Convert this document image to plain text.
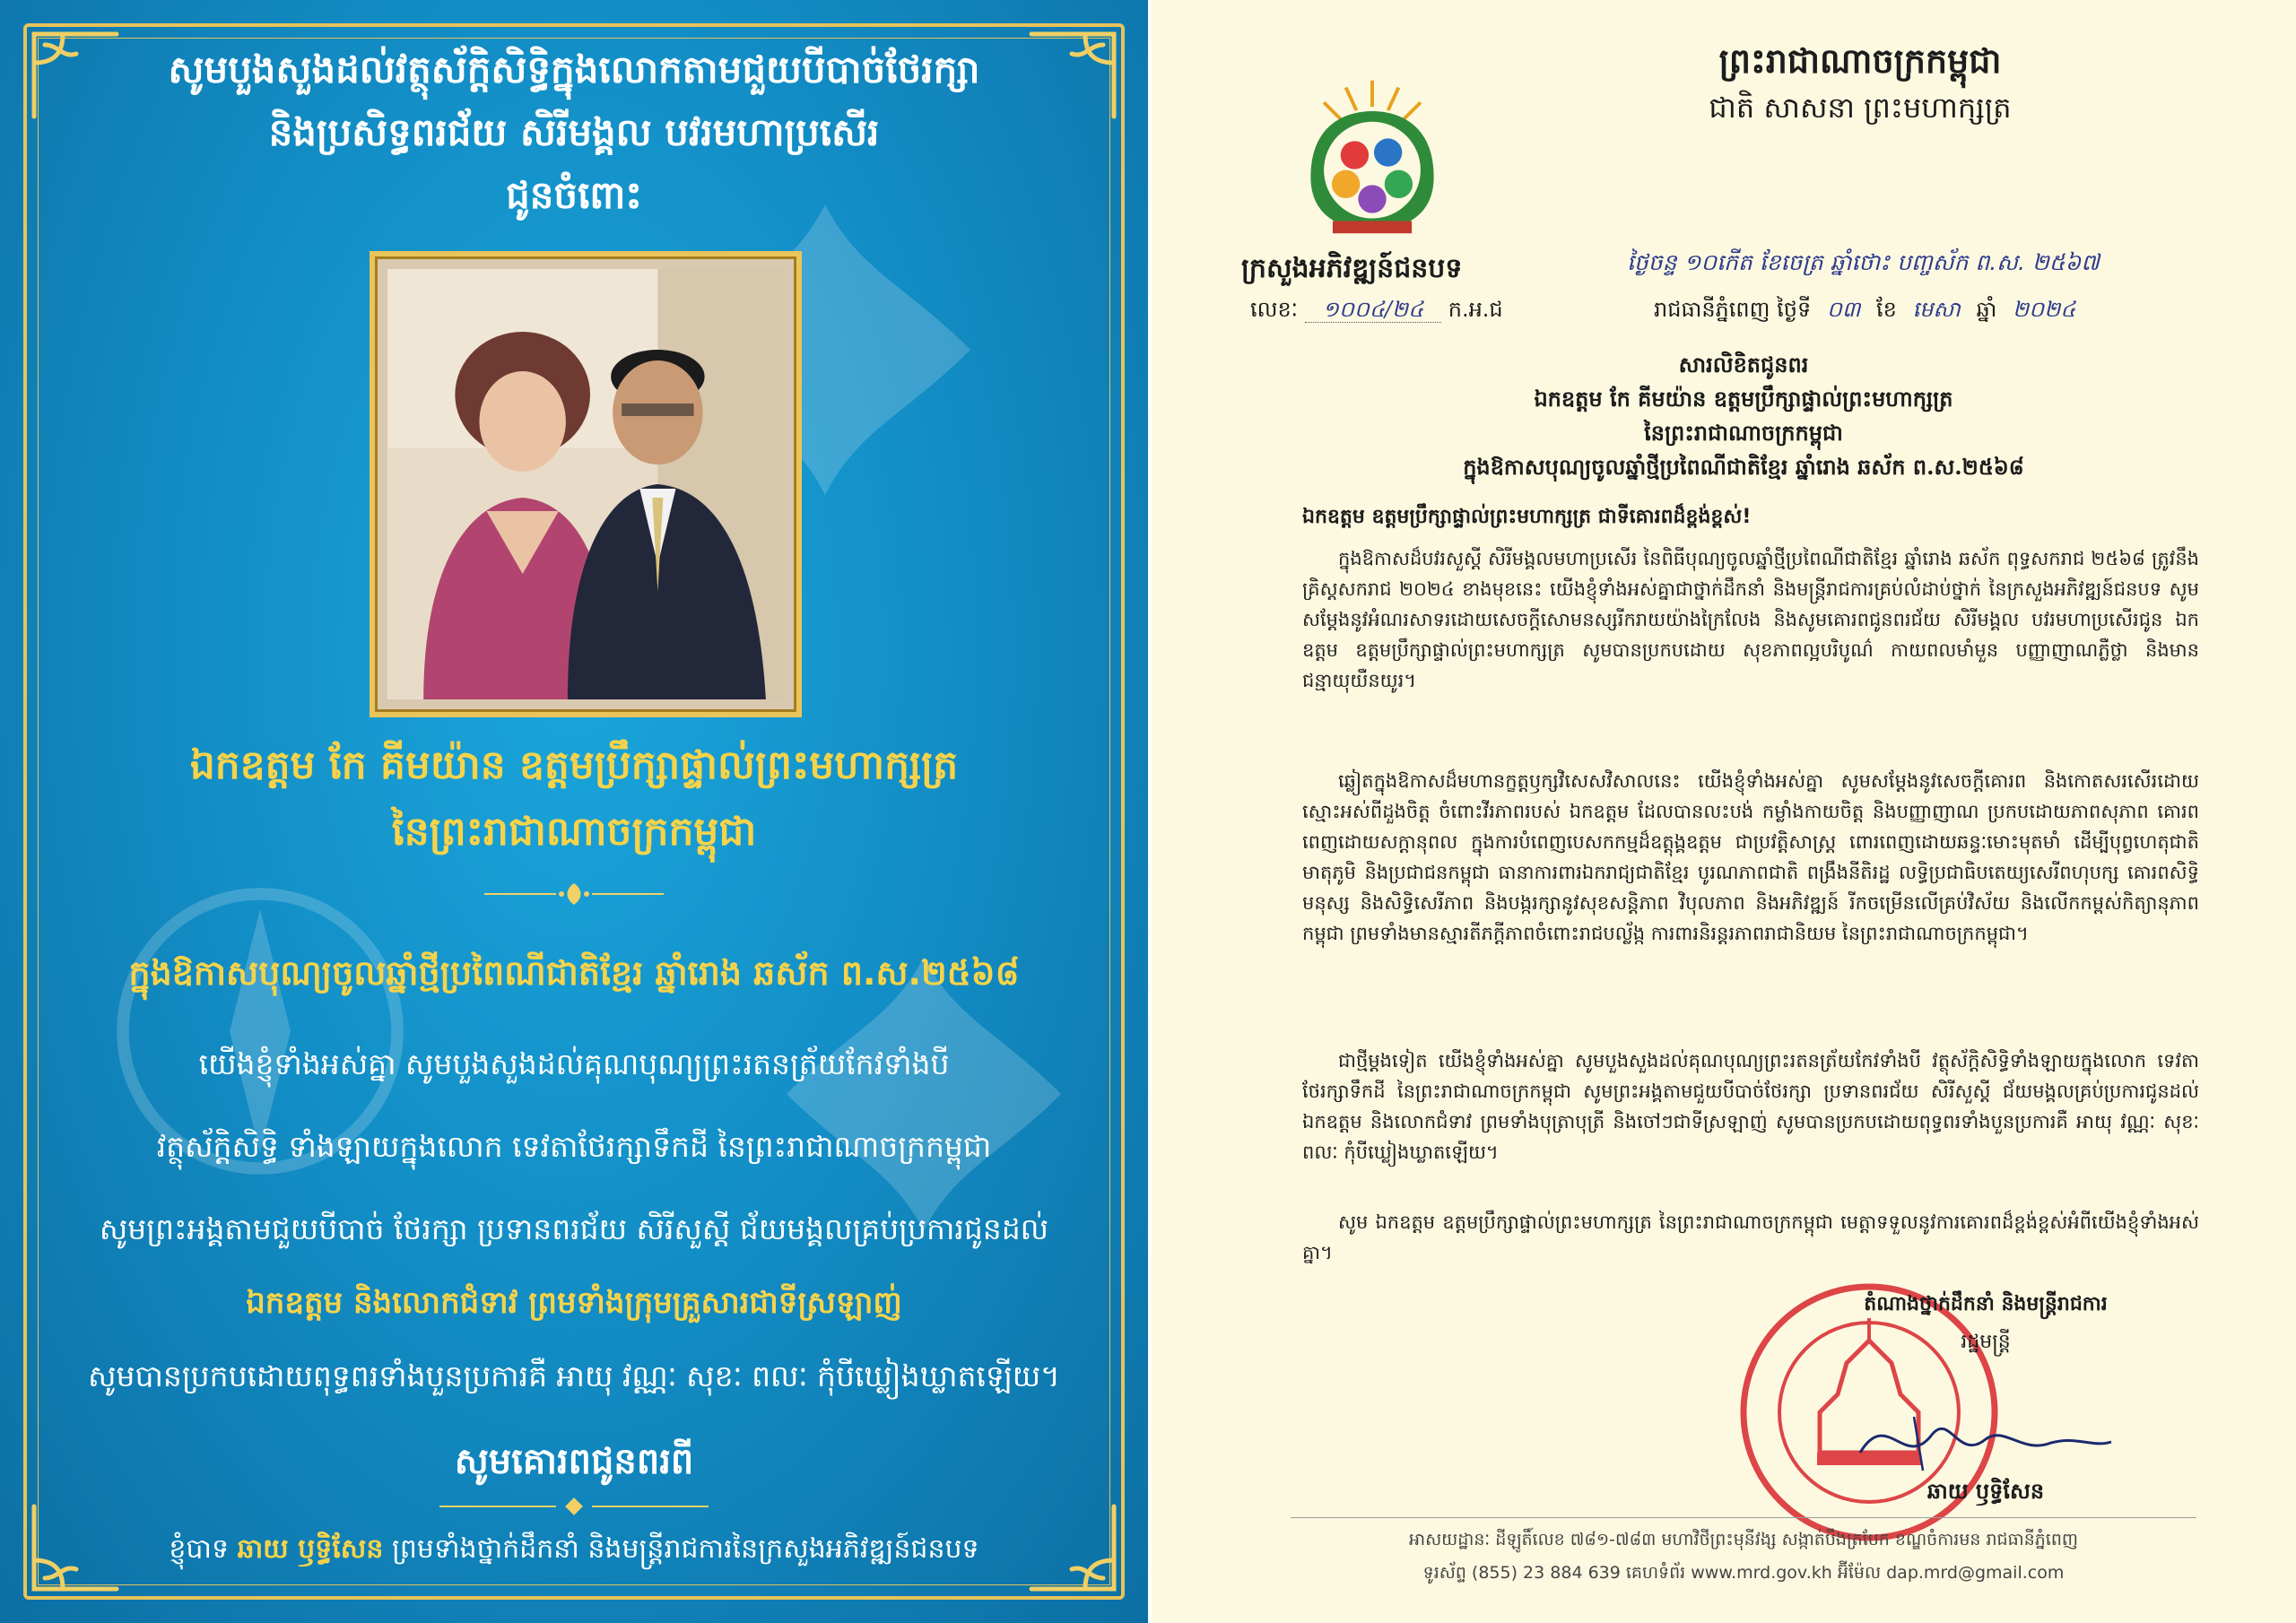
សូមបួងសួងដល់វត្ថុស័ក្តិសិទ្ធិក្នុងលោកតាមជួយបីបាច់ថែរក្សា
និងប្រសិទ្ធពរជ័យ សិរីមង្គល បវរមហាប្រសើរ
ជូនចំពោះ
ឯកឧត្តម កែ គីមយ៉ាន ឧត្តមប្រឹក្សាផ្ទាល់ព្រះមហាក្សត្រ
នៃព្រះរាជាណាចក្រកម្ពុជា
ក្នុងឱកាសបុណ្យចូលឆ្នាំថ្មីប្រពៃណីជាតិខ្មែរ ឆ្នាំរោង ឆស័ក ព.ស.២៥៦៨
យើងខ្ញុំទាំងអស់គ្នា សូមបួងសួងដល់គុណបុណ្យព្រះរតនត្រ័យកែវទាំងបី
វត្ថុស័ក្តិសិទ្ធិ ទាំងឡាយក្នុងលោក ទេវតាថែរក្សាទឹកដី នៃព្រះរាជាណាចក្រកម្ពុជា
សូមព្រះអង្គតាមជួយបីបាច់ ថែរក្សា ប្រទានពរជ័យ សិរីសួស្តី ជ័យមង្គលគ្រប់ប្រការជូនដល់
ឯកឧត្តម និងលោកជំទាវ ព្រមទាំងក្រុមគ្រួសារជាទីស្រឡាញ់
សូមបានប្រកបដោយពុទ្ធពរទាំងបួនប្រការគឺ អាយុ វណ្ណៈ សុខៈ ពលៈ កុំបីឃ្លៀងឃ្លាតឡើយ។
សូមគោរពជូនពរពី
ខ្ញុំបាទ ឆាយ ឫទ្ធិសែន ព្រមទាំងថ្នាក់ដឹកនាំ និងមន្ត្រីរាជការនៃក្រសួងអភិវឌ្ឍន៍ជនបទ
ព្រះរាជាណាចក្រកម្ពុជា
ជាតិ សាសនា ព្រះមហាក្សត្រ
ក្រសួងអភិវឌ្ឍន៍ជនបទ
លេខៈ ១០០៤/២៤ ក.អ.ជ
ថ្ងៃចន្ទ ១០កើត ខែចេត្រ ឆ្នាំថោះ បញ្ចស័ក ព.ស. ២៥៦៧
រាជធានីភ្នំពេញ ថ្ងៃទី ០៣ ខែ មេសា ឆ្នាំ ២០២៤
សារលិខិតជូនពរ
ឯកឧត្តម កែ គីមយ៉ាន ឧត្តមប្រឹក្សាផ្ទាល់ព្រះមហាក្សត្រ
នៃព្រះរាជាណាចក្រកម្ពុជា
ក្នុងឱកាសបុណ្យចូលឆ្នាំថ្មីប្រពៃណីជាតិខ្មែរ ឆ្នាំរោង ឆស័ក ព.ស.២៥៦៨
ឯកឧត្តម ឧត្តមប្រឹក្សាផ្ទាល់ព្រះមហាក្សត្រ ជាទីគោរពដ៏ខ្ពង់ខ្ពស់!
ក្នុងឱកាសដ៏បវរសួស្តី សិរីមង្គលមហាប្រសើរ នៃពិធីបុណ្យចូលឆ្នាំថ្មីប្រពៃណីជាតិខ្មែរ ឆ្នាំរោង ឆស័ក ពុទ្ធសករាជ ២៥៦៨ ត្រូវនឹងគ្រិស្តសករាជ ២០២៤ ខាងមុខនេះ យើងខ្ញុំទាំងអស់គ្នាជាថ្នាក់ដឹកនាំ និងមន្ត្រីរាជការគ្រប់លំដាប់ថ្នាក់ នៃក្រសួងអភិវឌ្ឍន៍ជនបទ សូមសម្តែងនូវអំណរសាទរដោយសេចក្តីសោមនស្សរីករាយយ៉ាងក្រៃលែង និងសូមគោរពជូនពរជ័យ សិរីមង្គល បវរមហាប្រសើរជូន ឯកឧត្តម ឧត្តមប្រឹក្សាផ្ទាល់ព្រះមហាក្សត្រ សូមបានប្រកបដោយ សុខភាពល្អបរិបូណ៌ កាយពលមាំមួន បញ្ញាញាណភ្លឺថ្លា និងមានជន្មាយុយឺនយូរ។
ឆ្លៀតក្នុងឱកាសដ៏មហានក្ខត្តឫក្សវិសេសវិសាលនេះ យើងខ្ញុំទាំងអស់គ្នា សូមសម្តែងនូវសេចក្តីគោរព និងកោតសរសើរដោយស្មោះអស់ពីដួងចិត្ត ចំពោះវីរភាពរបស់ ឯកឧត្តម ដែលបានលះបង់ កម្លាំងកាយចិត្ត និងបញ្ញាញាណ ប្រកបដោយភាពសុភាព គោរពពេញដោយសក្តានុពល ក្នុងការបំពេញបេសកកម្មដ៏ឧត្តុង្គឧត្តម ជាប្រវត្តិសាស្ត្រ ពោរពេញដោយឆន្ទៈមោះមុតមាំ ដើម្បីបុព្វហេតុជាតិ មាតុភូមិ និងប្រជាជនកម្ពុជា ធានាការពារឯករាជ្យជាតិខ្មែរ បូរណភាពជាតិ ពង្រឹងនីតិរដ្ឋ លទ្ធិប្រជាធិបតេយ្យសេរីពហុបក្ស គោរពសិទ្ធិមនុស្ស និងសិទ្ធិសេរីភាព និងបង្ករក្សានូវសុខសន្តិភាព វិបុលភាព និងអភិវឌ្ឍន៍ រីកចម្រើនលើគ្រប់វិស័យ និងលើកកម្ពស់កិត្យានុភាពកម្ពុជា ព្រមទាំងមានស្មារតីភក្តីភាពចំពោះរាជបល្ល័ង្ក ការពារនិរន្តរភាពរាជានិយម នៃព្រះរាជាណាចក្រកម្ពុជា។
ជាថ្មីម្តងទៀត យើងខ្ញុំទាំងអស់គ្នា សូមបួងសួងដល់គុណបុណ្យព្រះរតនត្រ័យកែវទាំងបី វត្ថុស័ក្តិសិទ្ធិទាំងឡាយក្នុងលោក ទេវតាថែរក្សាទឹកដី នៃព្រះរាជាណាចក្រកម្ពុជា សូមព្រះអង្គតាមជួយបីបាច់ថែរក្សា ប្រទានពរជ័យ សិរីសួស្តី ជ័យមង្គលគ្រប់ប្រការជូនដល់ ឯកឧត្តម និងលោកជំទាវ ព្រមទាំងបុត្រាបុត្រី និងចៅៗជាទីស្រឡាញ់ សូមបានប្រកបដោយពុទ្ធពរទាំងបួនប្រការគឺ អាយុ វណ្ណៈ សុខៈ ពលៈ កុំបីឃ្លៀងឃ្លាតឡើយ។
សូម ឯកឧត្តម ឧត្តមប្រឹក្សាផ្ទាល់ព្រះមហាក្សត្រ នៃព្រះរាជាណាចក្រកម្ពុជា មេត្តាទទួលនូវការគោរពដ៏ខ្ពង់ខ្ពស់អំពីយើងខ្ញុំទាំងអស់គ្នា។
តំណាងថ្នាក់ដឹកនាំ និងមន្ត្រីរាជការ
រដ្ឋមន្ត្រី
ឆាយ ឫទ្ធិសែន
អាសយដ្ឋានៈ ដីឡូតិ៍លេខ ៧៨១-៧៨៣ មហាវិថីព្រះមុនីវង្ស សង្កាត់បឹងត្របែក ខណ្ឌចំការមន រាជធានីភ្នំពេញ
ទូរស័ព្ទ (855) 23 884 639 គេហទំព័រ www.mrd.gov.kh អ៊ីម៉ែល dap.mrd@gmail.com
